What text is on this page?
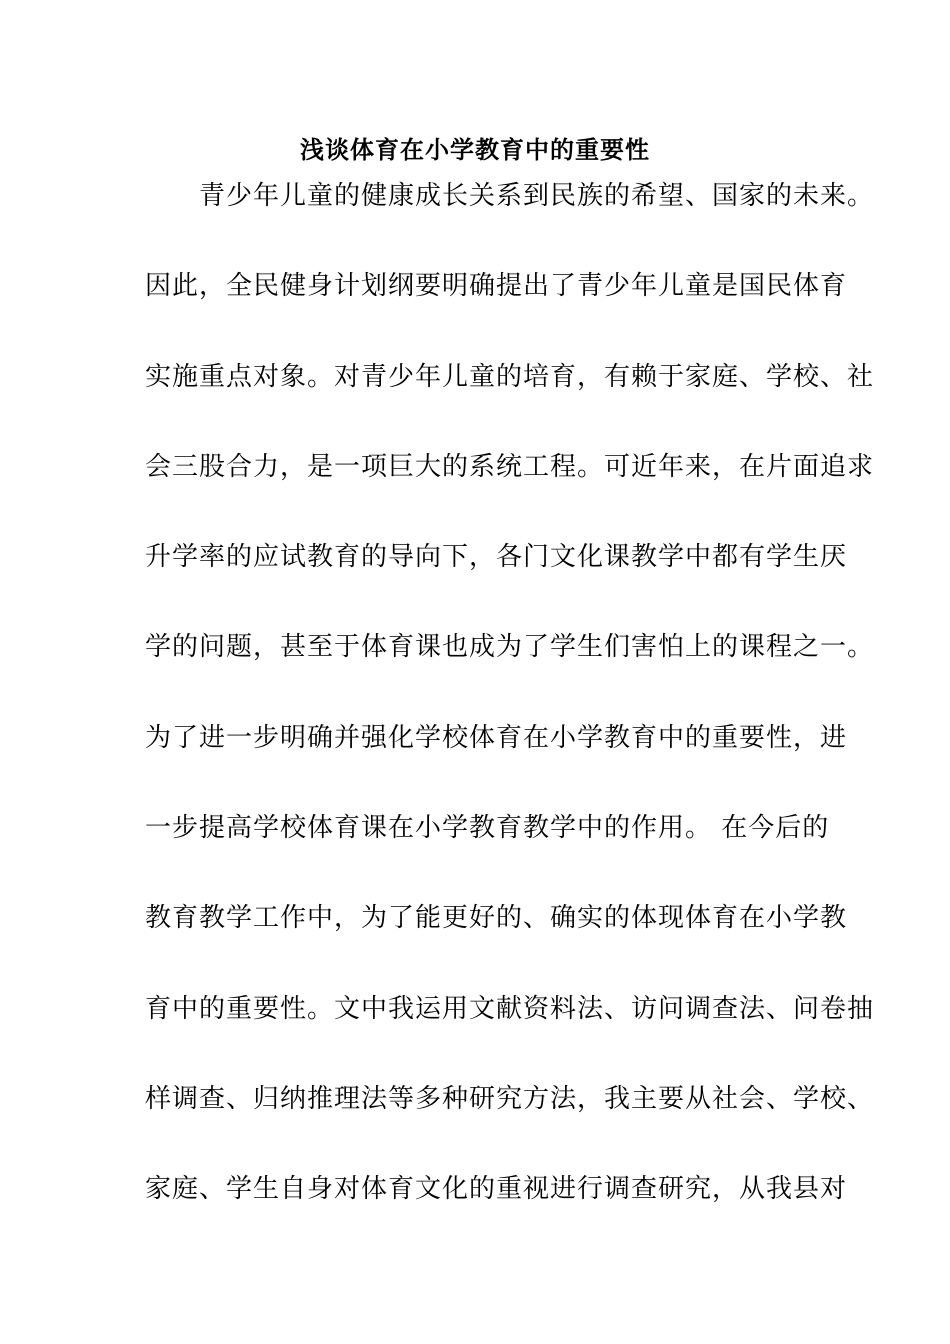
浅谈体育在小学教育中的重要性
　　青少年儿童的健康成长关系到民族的希望、国家的未来。
因此，全民健身计划纲要明确提出了青少年儿童是国民体育
实施重点对象。对青少年儿童的培育，有赖于家庭、学校、社
会三股合力，是一项巨大的系统工程。可近年来，在片面追求
升学率的应试教育的导向下，各门文化课教学中都有学生厌
学的问题，甚至于体育课也成为了学生们害怕上的课程之一。
为了进一步明确并强化学校体育在小学教育中的重要性，进
一步提高学校体育课在小学教育教学中的作用。 在今后的
教育教学工作中，为了能更好的、确实的体现体育在小学教
育中的重要性。文中我运用文献资料法、访问调查法、问卷抽
样调查、归纳推理法等多种研究方法，我主要从社会、学校、
家庭、学生自身对体育文化的重视进行调查研究，从我县对
